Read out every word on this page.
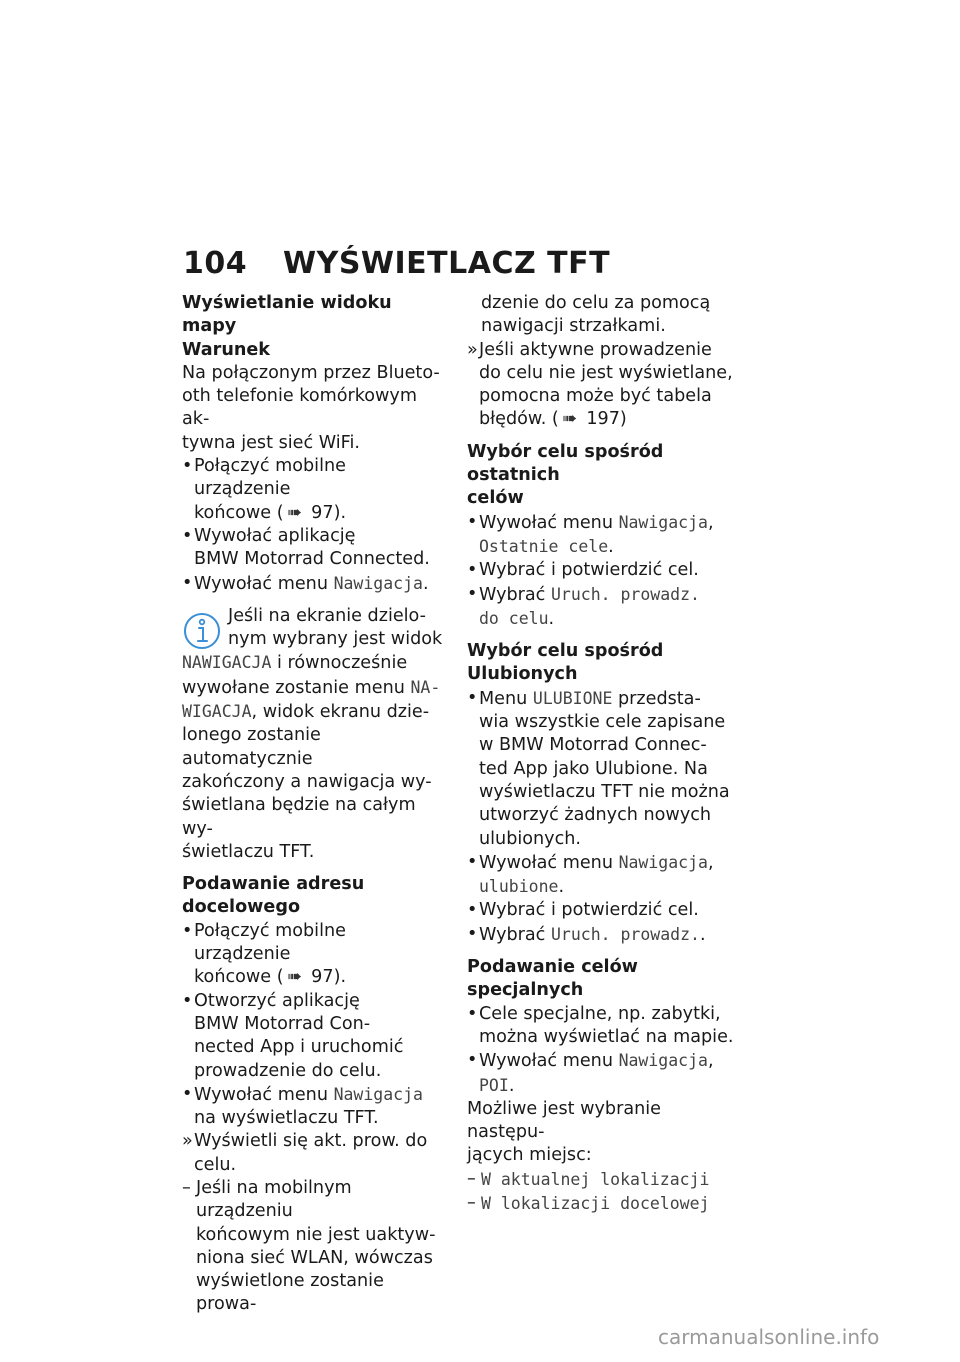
104 WYŚWIETLACZ TFT

Wyświetlanie widoku mapy

Warunek

Na połączonym przez Blueto-
oth telefonie komórkowym ak-
tywna jest sieć WiFi.

• Połączyć mobilne urządzenie
końcowe ( ➠ 97).
• Wywołać aplikację
BMW Motorrad Connected.
• Wywołać menu Nawigacja.
Jeśli na ekranie dzielo-
nym wybrany jest widok
NAWIGACJA i równocześnie
wywołane zostanie menu NA-
WIGACJA, widok ekranu dzie-
lonego zostanie automatycznie
zakończony a nawigacja wy-
świetlana będzie na całym wy-
świetlaczu TFT.

Podawanie adresu
docelowego

• Połączyć mobilne urządzenie
końcowe ( ➠ 97).
• Otworzyć aplikację
BMW Motorrad Con-
nected App i uruchomić
prowadzenie do celu.
• Wywołać menu Nawigacja
na wyświetlaczu TFT.
» Wyświetli się akt. prow. do
celu.
– Jeśli na mobilnym urządzeniu
końcowym nie jest uaktyw-
niona sieć WLAN, wówczas
wyświetlone zostanie prowa-
dzenie do celu za pomocą
nawigacji strzałkami.
» Jeśli aktywne prowadzenie
do celu nie jest wyświetlane,
pomocna może być tabela
błędów. ( ➠ 197)

Wybór celu spośród ostatnich
celów

• Wywołać menu Nawigacja,
Ostatnie cele.
• Wybrać i potwierdzić cel.
• Wybrać Uruch. prowadz.
do celu.

Wybór celu spośród
Ulubionych

• Menu ULUBIONE przedsta-
wia wszystkie cele zapisane
w BMW Motorrad Connec-
ted App jako Ulubione. Na
wyświetlaczu TFT nie można
utworzyć żadnych nowych
ulubionych.
• Wywołać menu Nawigacja,
ulubione.
• Wybrać i potwierdzić cel.
• Wybrać Uruch. prowadz..

Podawanie celów specjalnych

• Cele specjalne, np. zabytki,
można wyświetlać na mapie.
• Wywołać menu Nawigacja,
POI.

Możliwe jest wybranie następu-
jących miejsc:

– W aktualnej lokalizacji
– W lokalizacji docelowej
carmanualsonline.info
